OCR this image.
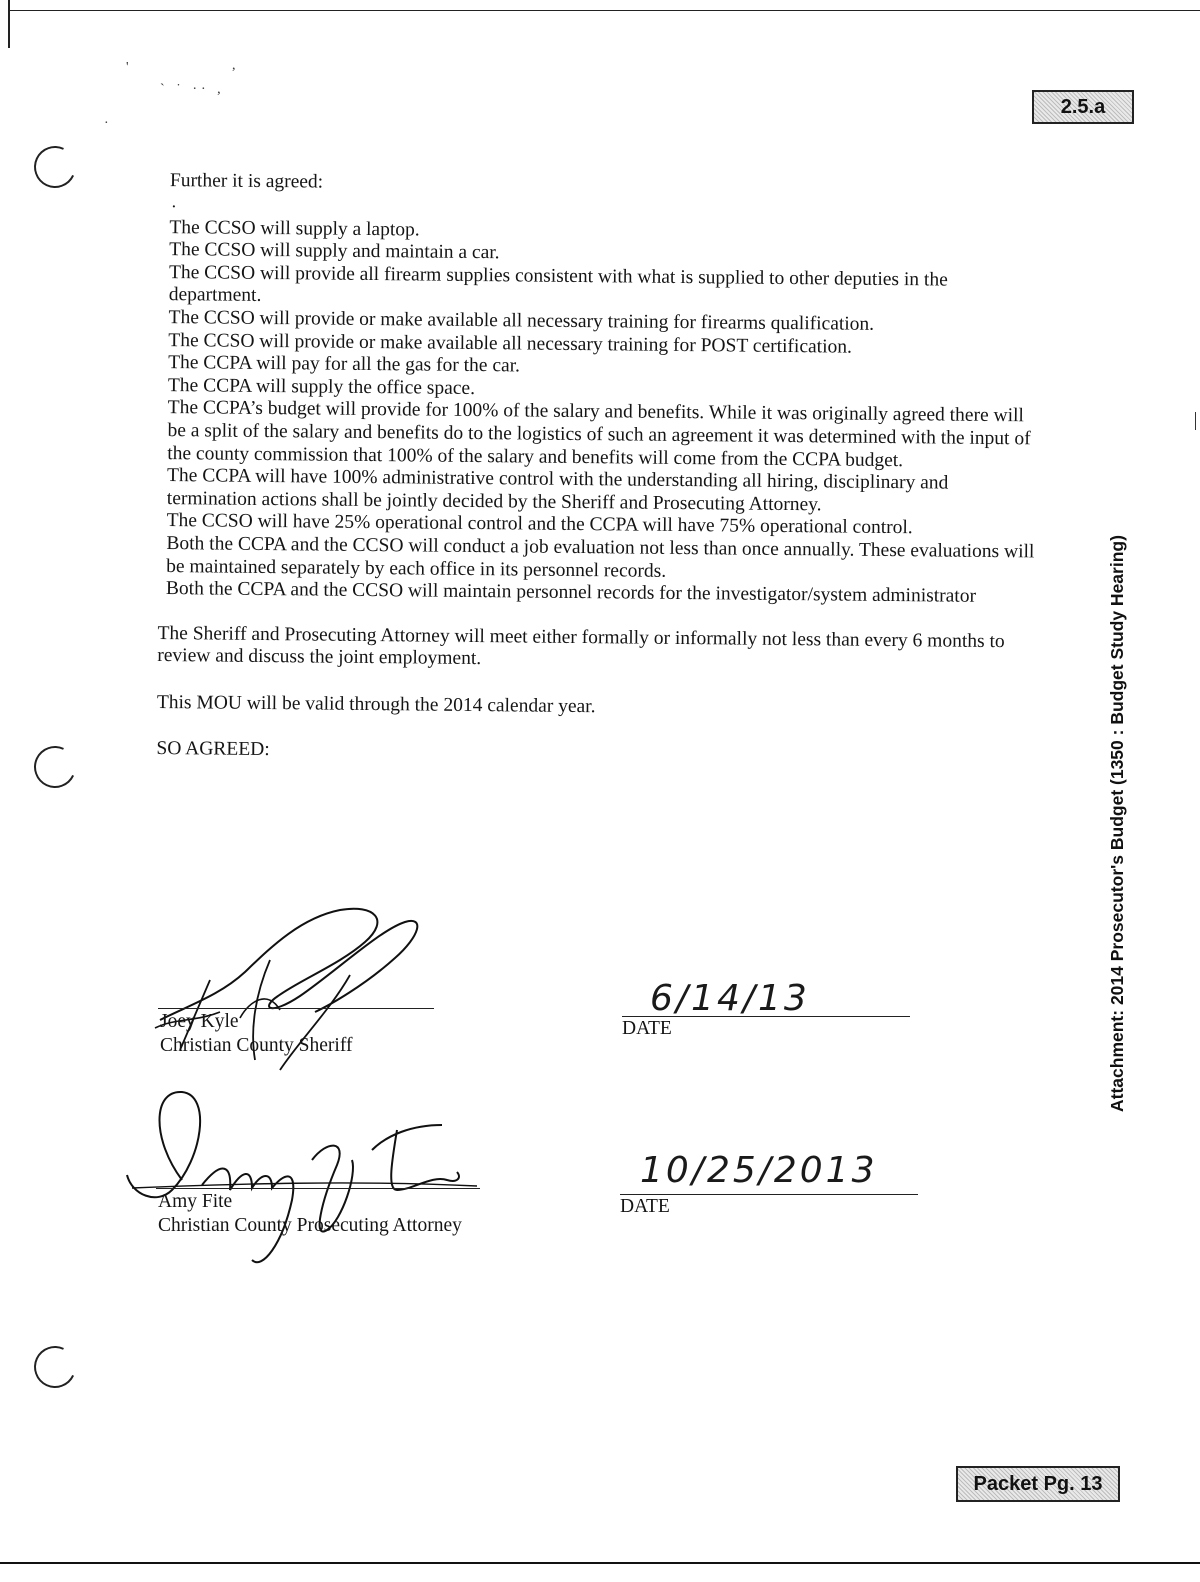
'	,
` ˙ ·· ,
·
2.5.a
Packet Pg. 13
Attachment: 2014 Prosecutor's Budget (1350 : Budget Study Hearing)

Further it is agreed:

.

The CCSO will supply a laptop.

The CCSO will supply and maintain a car.

The CCSO will provide all firearm supplies consistent with what is supplied to other deputies in the department.

The CCSO will provide or make available all necessary training for firearms qualification.

The CCSO will provide or make available all necessary training for POST certification.

The CCPA will pay for all the gas for the car.

The CCPA will supply the office space.

The CCPA’s budget will provide for 100% of the salary and benefits. While it was originally agreed there will be a split of the salary and benefits do to the logistics of such an agreement it was determined with the input of the county commission that 100% of the salary and benefits will come from the CCPA budget.

The CCPA will have 100% administrative control with the understanding all hiring, disciplinary and termination actions shall be jointly decided by the Sheriff and Prosecuting Attorney.

The CCSO will have 25% operational control and the CCPA will have 75% operational control.

Both the CCPA and the CCSO will conduct a job evaluation not less than once annually. These evaluations will be maintained separately by each office in its personnel records.

Both the CCPA and the CCSO will maintain personnel records for the investigator/system administrator

The Sheriff and Prosecuting Attorney will meet either formally or informally not less than every 6 months to review and discuss the joint employment.

This MOU will be valid through the 2014 calendar year.

SO AGREED:

Joey Kyle
Christian County Sheriff
6/14/13
DATE
Amy Fite
Christian County Prosecuting Attorney
10/25/2013
DATE
